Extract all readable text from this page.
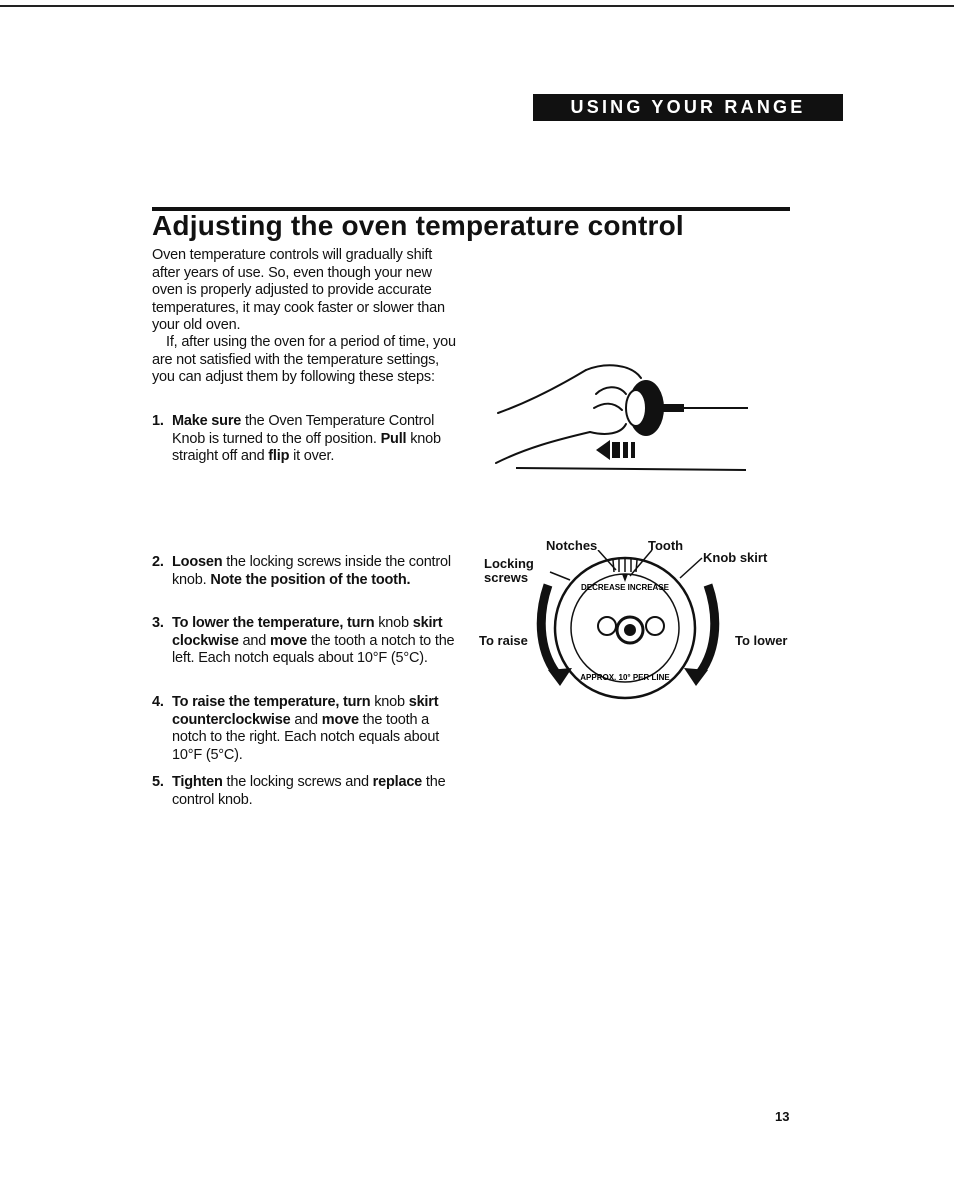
USING YOUR RANGE
Adjusting the oven temperature control

Oven temperature controls will gradually shift after years of use. So, even though your new oven is properly adjusted to provide accurate temperatures, it may cook faster or slower than your old oven.

If, after using the oven for a period of time, you are not satisfied with the temperature settings, you can adjust them by following these steps:

1. Make sure the Oven Temperature Control Knob is turned to the off position. Pull knob straight off and flip it over.
2. Loosen the locking screws inside the control knob. Note the position of the tooth.
3. To lower the temperature, turn knob skirt clockwise and move the tooth a notch to the left. Each notch equals about 10°F (5°C).
4. To raise the temperature, turn knob skirt counterclockwise and move the tooth a notch to the right. Each notch equals about 10°F (5°C).
5. Tighten the locking screws and replace the control knob.
DECREASE INCREASE
APPROX. 10° PER LINE
Notches	Tooth
Locking
screws
Knob skirt
To raise	To lower
13
